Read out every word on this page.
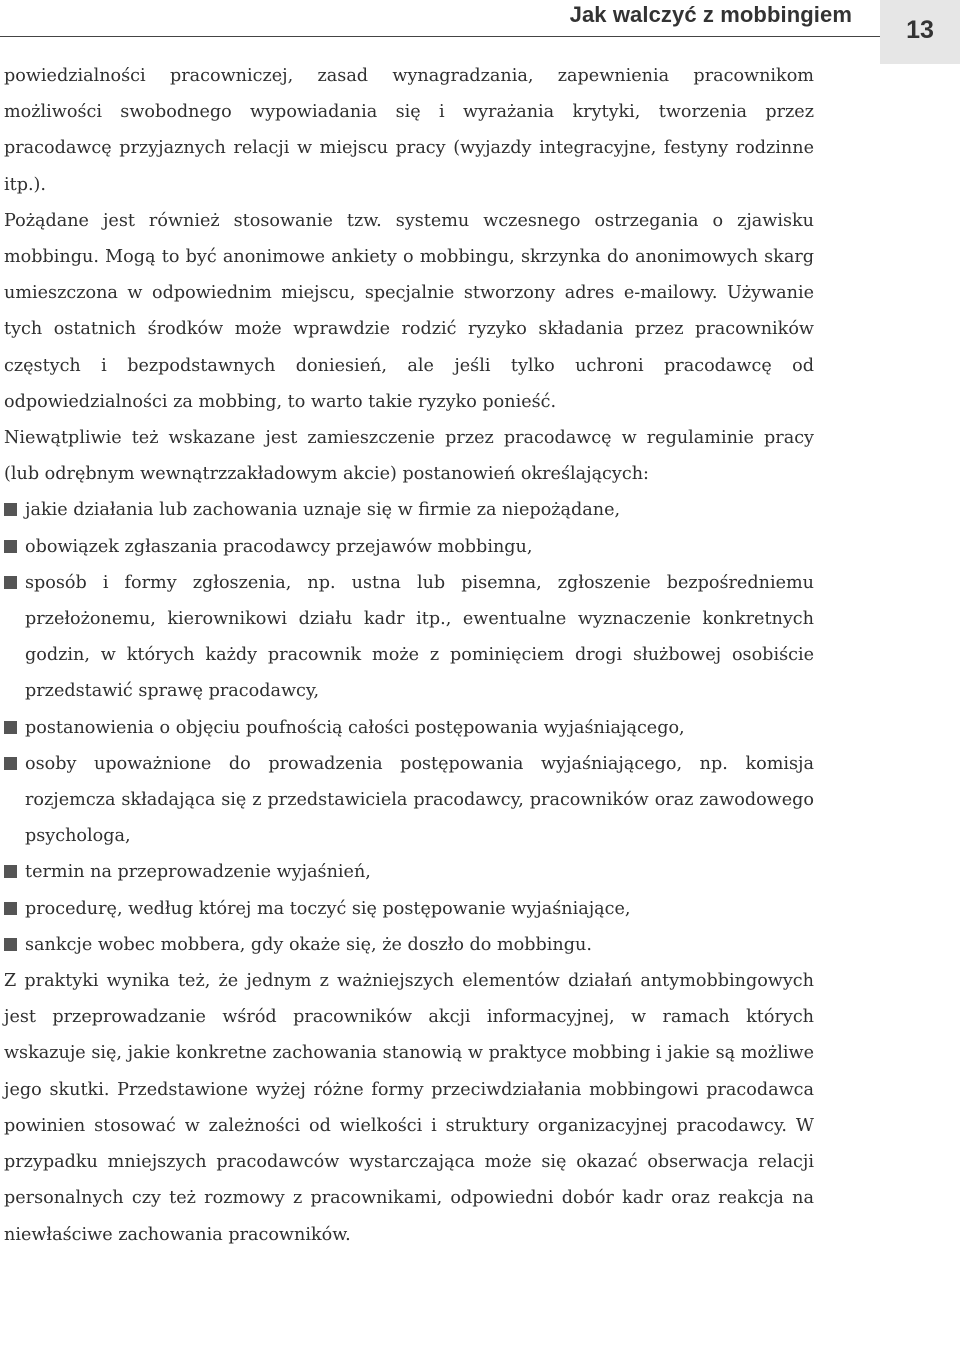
Jak walczyć z mobbingiem
13

powiedzialności pracowniczej, zasad wynagradzania, zapewnienia pracownikom możliwości swobodnego wypowiadania się i wyrażania krytyki, tworzenia przez pracodawcę przyjaznych relacji w miejscu pracy (wyjazdy integracyjne, festyny rodzinne itp.).

Pożądane jest również stosowanie tzw. systemu wczesnego ostrzegania o zjawisku mobbingu. Mogą to być anonimowe ankiety o mobbingu, skrzynka do anonimowych skarg umieszczona w odpowiednim miejscu, specjalnie stworzony adres e-mailowy. Używanie tych ostatnich środków może wprawdzie rodzić ryzyko składania przez pracowników częstych i bezpodstawnych doniesień, ale jeśli tylko uchroni pracodawcę od odpowiedzialności za mobbing, to warto takie ryzyko ponieść.

Niewątpliwie też wskazane jest zamieszczenie przez pracodawcę w regulaminie pracy (lub odrębnym wewnątrzzakładowym akcie) postanowień określających:

jakie działania lub zachowania uznaje się w firmie za niepożądane,
obowiązek zgłaszania pracodawcy przejawów mobbingu,
sposób i formy zgłoszenia, np. ustna lub pisemna, zgłoszenie bezpośredniemu przełożonemu, kierownikowi działu kadr itp., ewentualne wyznaczenie konkretnych godzin, w których każdy pracownik może z pominięciem drogi służbowej osobiście przedstawić sprawę pracodawcy,
postanowienia o objęciu poufnością całości postępowania wyjaśniającego,
osoby upoważnione do prowadzenia postępowania wyjaśniającego, np. komisja rozjemcza składająca się z przedstawiciela pracodawcy, pracowników oraz zawodowego psychologa,
termin na przeprowadzenie wyjaśnień,
procedurę, według której ma toczyć się postępowanie wyjaśniające,
sankcje wobec mobbera, gdy okaże się, że doszło do mobbingu.

Z praktyki wynika też, że jednym z ważniejszych elementów działań antymobbingowych jest przeprowadzanie wśród pracowników akcji informacyjnej, w ramach których wskazuje się, jakie konkretne zachowania stanowią w praktyce mobbing i jakie są możliwe jego skutki. Przedstawione wyżej różne formy przeciwdziałania mobbingowi pracodawca powinien stosować w zależności od wielkości i struktury organizacyjnej pracodawcy. W przypadku mniejszych pracodawców wystarczająca może się okazać obserwacja relacji personalnych czy też rozmowy z pracownikami, odpowiedni dobór kadr oraz reakcja na niewłaściwe zachowania pracowników.
